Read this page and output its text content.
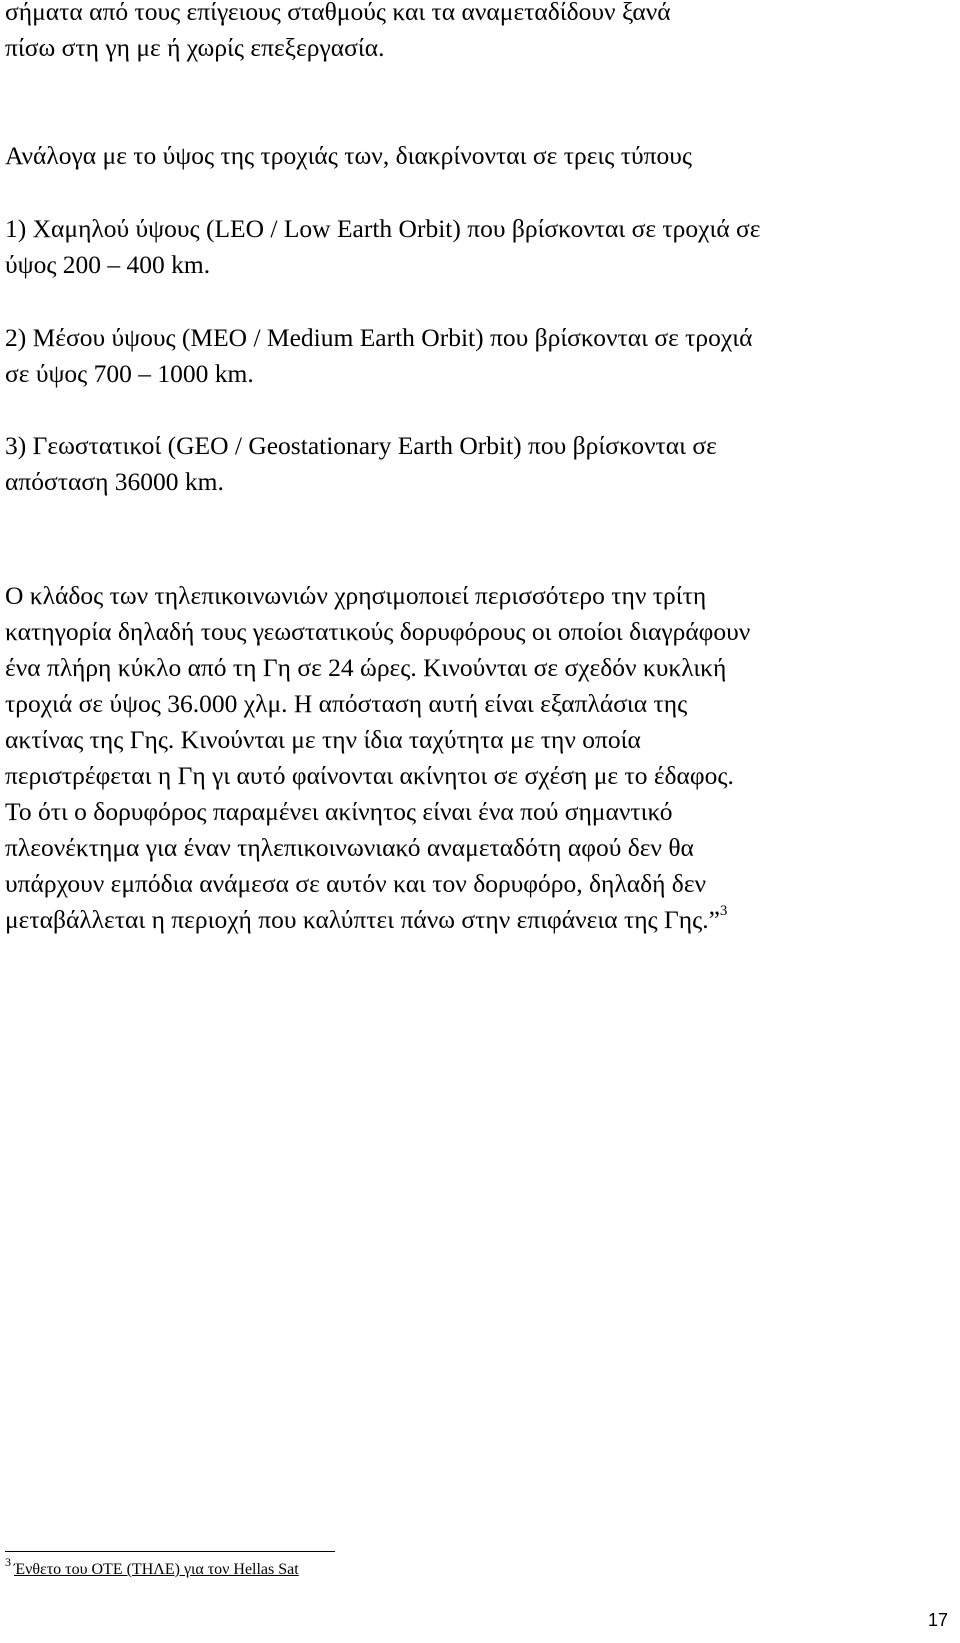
σήματα από τους επίγειους σταθμούς και τα αναμεταδίδουν ξανά
πίσω στη γη με ή χωρίς επεξεργασία.

Ανάλογα με το ύψος της τροχιάς των, διακρίνονται σε τρεις τύπους

1) Χαμηλού ύψους (LEO / Low Earth Orbit) που βρίσκονται σε τροχιά σε
ύψος 200 – 400 km.

2) Μέσου ύψους (MEO / Medium Earth Orbit) που βρίσκονται σε τροχιά
σε ύψος 700 – 1000 km.

3) Γεωστατικοί (GEO / Geostationary Earth Orbit) που βρίσκονται σε
απόσταση 36000 km.

Ο κλάδος των τηλεπικοινωνιών χρησιμοποιεί περισσότερο την τρίτη
κατηγορία δηλαδή τους γεωστατικούς δορυφόρους οι οποίοι διαγράφουν
ένα πλήρη κύκλο από τη Γη σε 24 ώρες. Κινούνται σε σχεδόν κυκλική
τροχιά σε ύψος 36.000 χλμ. Η απόσταση αυτή είναι εξαπλάσια της
ακτίνας της Γης. Κινούνται με την ίδια ταχύτητα με την οποία
περιστρέφεται η Γη γι αυτό φαίνονται ακίνητοι σε σχέση με το έδαφος.
Το ότι ο δορυφόρος παραμένει ακίνητος είναι ένα πού σημαντικό
πλεονέκτημα για έναν τηλεπικοινωνιακό αναμεταδότη αφού δεν θα
υπάρχουν εμπόδια ανάμεσα σε αυτόν και τον δορυφόρο, δηλαδή δεν
μεταβάλλεται η περιοχή που καλύπτει πάνω στην επιφάνεια της Γης.”$^3$

$^3$ Ένθετο του ΟΤΕ (ΤΗΛΕ) για τον Hellas Sat
17
